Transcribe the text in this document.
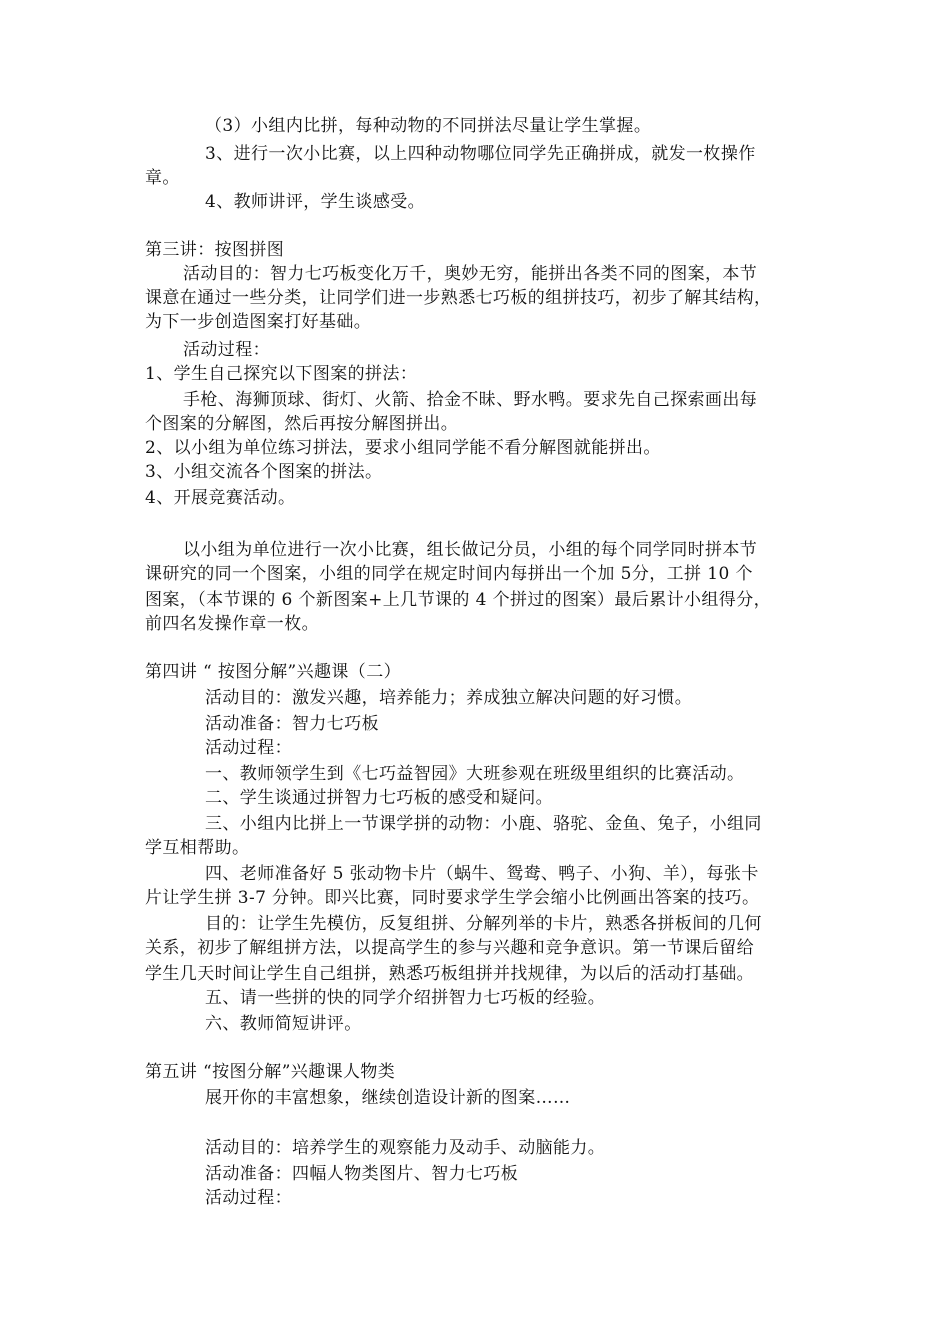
（3）小组内比拼，每种动物的不同拼法尽量让学生掌握。
3、进行一次小比赛，以上四种动物哪位同学先正确拼成，就发一枚操作
章。
4、教师讲评，学生谈感受。
第三讲：按图拼图
活动目的：智力七巧板变化万千，奥妙无穷，能拼出各类不同的图案，本节
课意在通过一些分类，让同学们进一步熟悉七巧板的组拼技巧，初步了解其结构，
为下一步创造图案打好基础。
活动过程：
1、学生自己探究以下图案的拼法：
手枪、海狮顶球、街灯、火箭、拾金不昧、野水鸭。要求先自己探索画出每
个图案的分解图，然后再按分解图拼出。
2、以小组为单位练习拼法，要求小组同学能不看分解图就能拼出。
3、小组交流各个图案的拼法。
4、开展竞赛活动。
以小组为单位进行一次小比赛，组长做记分员，小组的每个同学同时拼本节
课研究的同一个图案，小组的同学在规定时间内每拼出一个加 5分，工拼 10 个
图案，（本节课的 6 个新图案+上几节课的 4 个拼过的图案）最后累计小组得分，
前四名发操作章一枚。
第四讲 “ 按图分解”兴趣课（二）
活动目的：激发兴趣，培养能力；养成独立解决问题的好习惯。
活动准备：智力七巧板
活动过程：
一、教师领学生到《七巧益智园》大班参观在班级里组织的比赛活动。
二、学生谈通过拼智力七巧板的感受和疑问。
三、小组内比拼上一节课学拼的动物：小鹿、骆驼、金鱼、兔子，小组同
学互相帮助。
四、老师准备好 5 张动物卡片（蜗牛、鸳鸯、鸭子、小狗、羊），每张卡
片让学生拼 3-7 分钟。即兴比赛，同时要求学生学会缩小比例画出答案的技巧。
目的：让学生先模仿，反复组拼、分解列举的卡片，熟悉各拼板间的几何
关系，初步了解组拼方法，以提高学生的参与兴趣和竞争意识。第一节课后留给
学生几天时间让学生自己组拼，熟悉巧板组拼并找规律，为以后的活动打基础。
五、请一些拼的快的同学介绍拼智力七巧板的经验。
六、教师简短讲评。
第五讲 “按图分解”兴趣课人物类
展开你的丰富想象，继续创造设计新的图案……
活动目的：培养学生的观察能力及动手、动脑能力。
活动准备：四幅人物类图片、智力七巧板
活动过程：
